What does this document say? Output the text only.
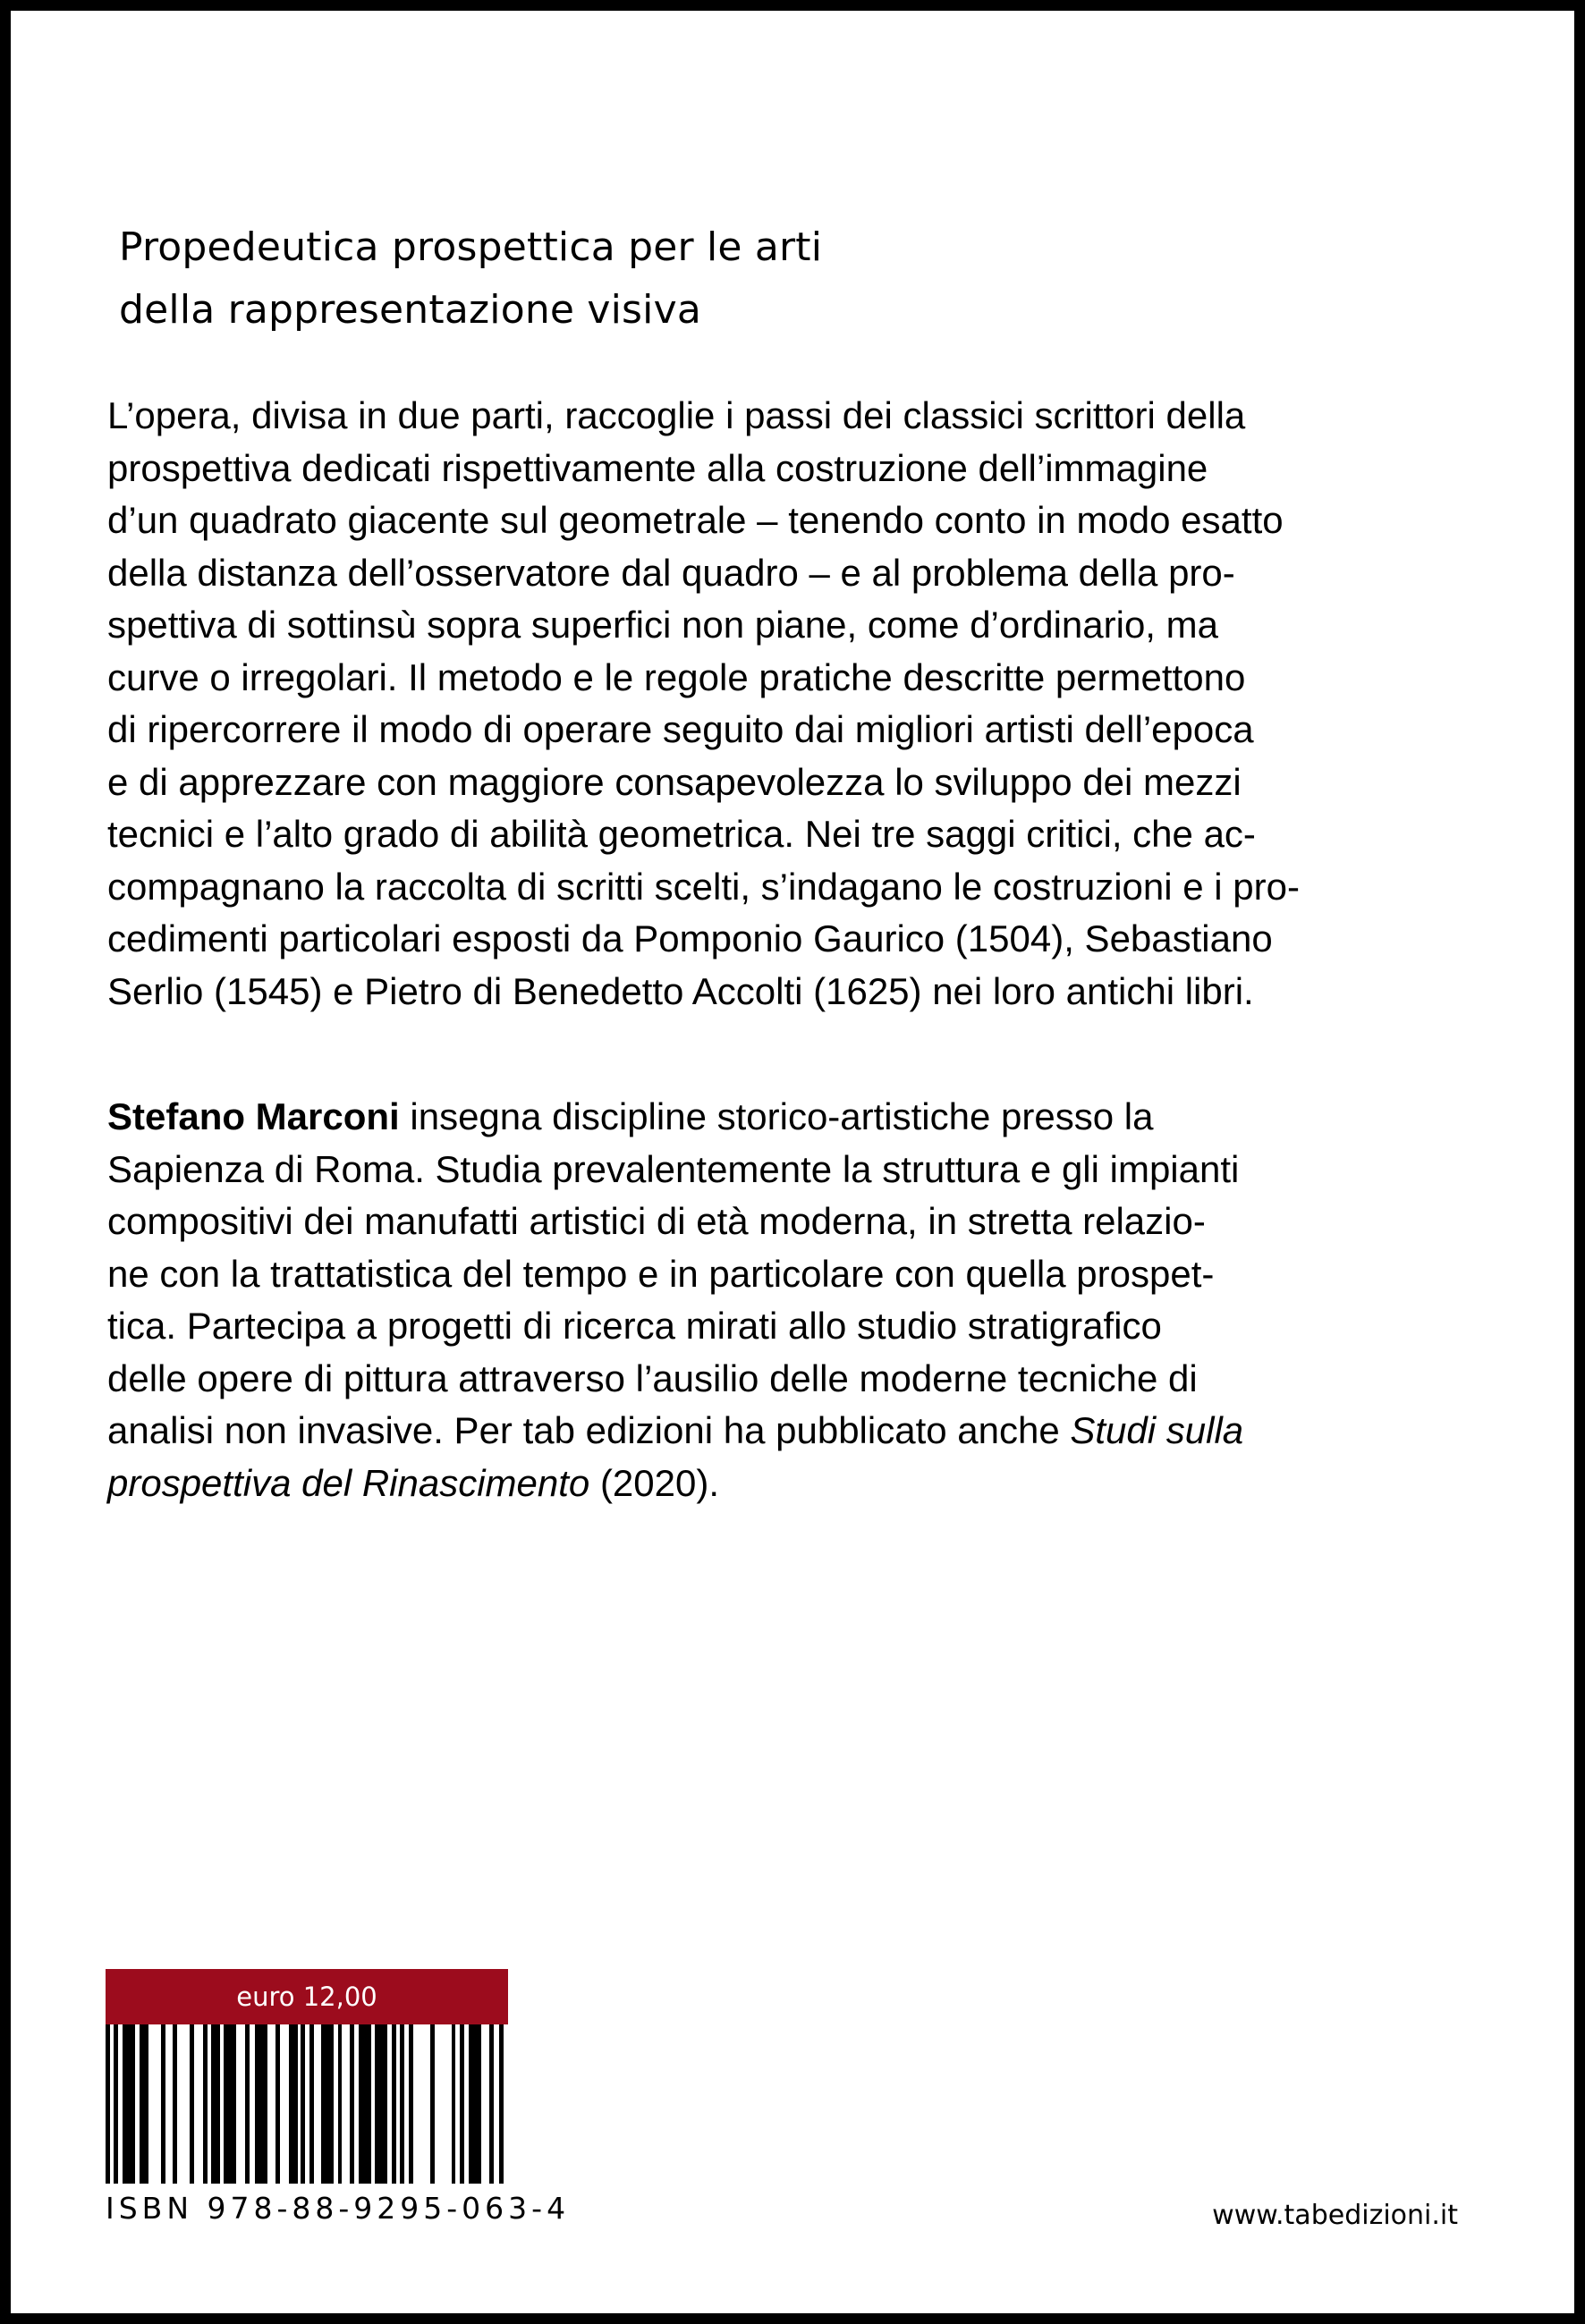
Propedeutica prospettica per le arti
della rappresentazione visiva

L’opera, divisa in due parti, raccoglie i passi dei classici scrittori della
prospettiva dedicati rispettivamente alla costruzione dell’immagine
d’un quadrato giacente sul geometrale – tenendo conto in modo esatto
della distanza dell’osservatore dal quadro – e al problema della pro-
spettiva di sottinsù sopra superfici non piane, come d’ordinario, ma
curve o irregolari. Il metodo e le regole pratiche descritte permettono
di ripercorrere il modo di operare seguito dai migliori artisti dell’epoca
e di apprezzare con maggiore consapevolezza lo sviluppo dei mezzi
tecnici e l’alto grado di abilità geometrica. Nei tre saggi critici, che ac-
compagnano la raccolta di scritti scelti, s’indagano le costruzioni e i pro-
cedimenti particolari esposti da Pomponio Gaurico (1504), Sebastiano
Serlio (1545) e Pietro di Benedetto Accolti (1625) nei loro antichi libri.

Stefano Marconi insegna discipline storico-artistiche presso la
Sapienza di Roma. Studia prevalentemente la struttura e gli impianti
compositivi dei manufatti artistici di età moderna, in stretta relazio-
ne con la trattatistica del tempo e in particolare con quella prospet-
tica. Partecipa a progetti di ricerca mirati allo studio stratigrafico
delle opere di pittura attraverso l’ausilio delle moderne tecniche di
analisi non invasive. Per tab edizioni ha pubblicato anche Studi sulla
prospettiva del Rinascimento (2020).

euro 12,00
ISBN 978-88-9295-063-4	www.tabedizioni.it
